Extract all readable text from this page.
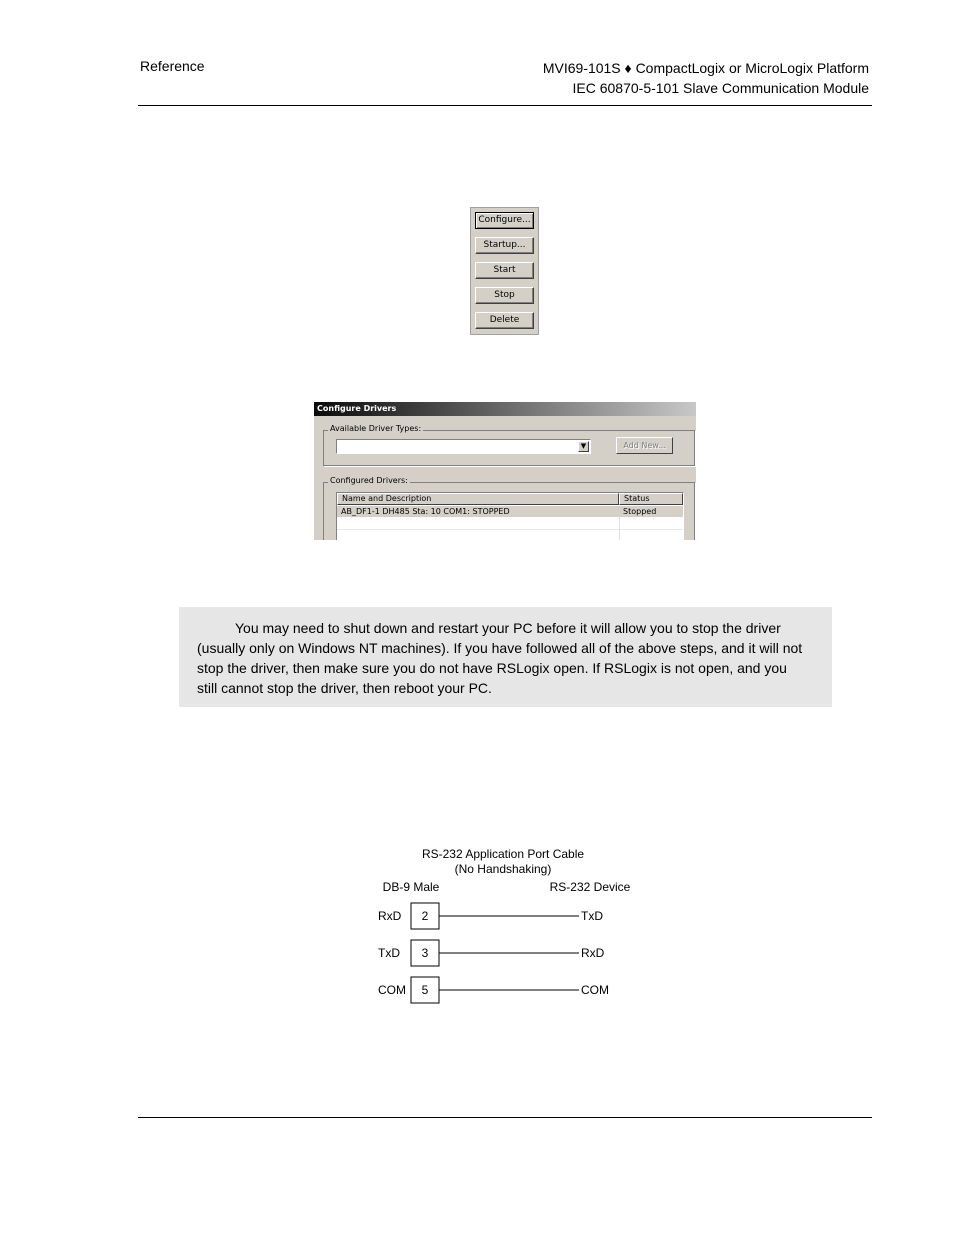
Reference	MVI69-101S ♦ CompactLogix or MicroLogix Platform
IEC 60870-5-101 Slave Communication Module
Configure...
Startup...
Start
Stop
Delete
Configure Drivers
Available Driver Types:
▼	Add New...
Configured Drivers:
Name and Description	Status
AB_DF1-1 DH485 Sta: 10 COM1: STOPPED	Stopped
You may need to shut down and restart your PC before it will allow you to stop the driver
(usually only on Windows NT machines). If you have followed all of the above steps, and it will not
stop the driver, then make sure you do not have RSLogix open. If RSLogix is not open, and you
still cannot stop the driver, then reboot your PC.
RS-232 Application Port Cable
(No Handshaking)
DB-9 Male	RS-232 Device
RxD 2	TxD
TxD 3	RxD
COM 5	COM
